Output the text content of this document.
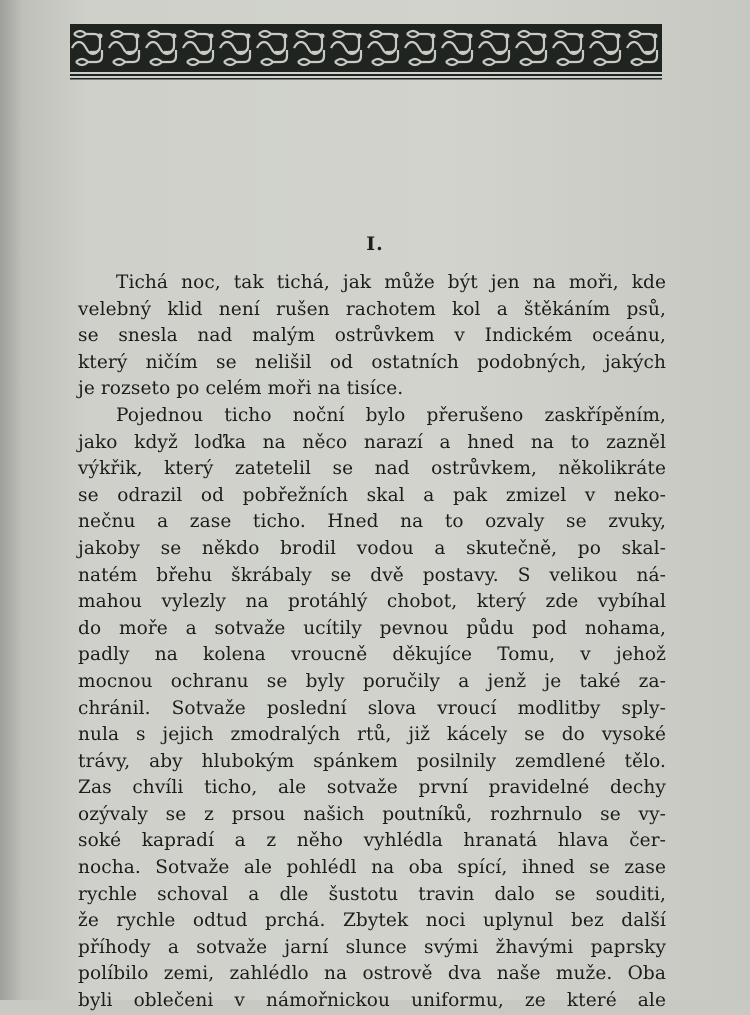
I.
Tichá noc, tak tichá, jak může být jen na moři, kde
velebný klid není rušen rachotem kol a štěkáním psů,
se snesla nad malým ostrůvkem v Indickém oceánu,
který ničím se nelišil od ostatních podobných, jakých
je rozseto po celém moři na tisíce.
Pojednou ticho noční bylo přerušeno zaskřípěním,
jako když loďka na něco narazí a hned na to zazněl
výkřik, který zatetelil se nad ostrůvkem, několikráte
se odrazil od pobřežních skal a pak zmizel v neko-
nečnu a zase ticho. Hned na to ozvaly se zvuky,
jakoby se někdo brodil vodou a skutečně, po skal-
natém břehu škrábaly se dvě postavy. S velikou ná-
mahou vylezly na protáhlý chobot, který zde vybíhal
do moře a sotvaže ucítily pevnou půdu pod nohama,
padly na kolena vroucně děkujíce Tomu, v jehož
mocnou ochranu se byly poručily a jenž je také za-
chránil. Sotvaže poslední slova vroucí modlitby sply-
nula s jejich zmodralých rtů, již kácely se do vysoké
trávy, aby hlubokým spánkem posilnily zemdlené tělo.
Zas chvíli ticho, ale sotvaže první pravidelné dechy
ozývaly se z prsou našich poutníků, rozhrnulo se vy-
soké kapradí a z něho vyhlédla hranatá hlava čer-
nocha. Sotvaže ale pohlédl na oba spící, ihned se zase
rychle schoval a dle šustotu travin dalo se souditi,
že rychle odtud prchá. Zbytek noci uplynul bez další
příhody a sotvaže jarní slunce svými žhavými paprsky
políbilo zemi, zahlédlo na ostrově dva naše muže. Oba
byli oblečeni v námořnickou uniformu, ze které ale
